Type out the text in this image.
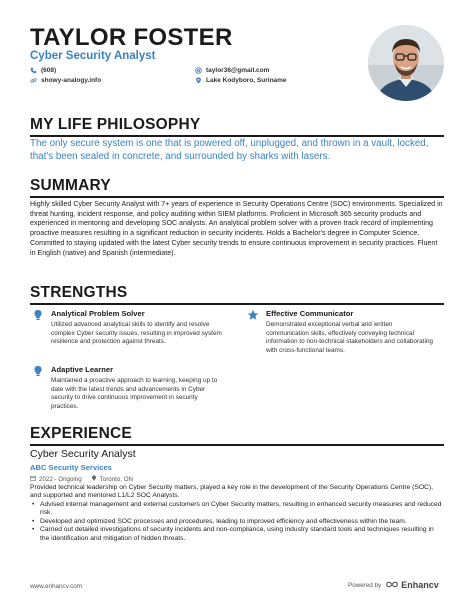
TAYLOR FOSTER
Cyber Security Analyst
(608)	taylor36@gmail.com
showy-analogy.info	Lake Kodyboro, Suriname
MY LIFE PHILOSOPHY

The only secure system is one that is powered off, unplugged, and thrown in a vault, locked, that's been sealed in concrete, and surrounded by sharks with lasers.

SUMMARY

Highly skilled Cyber Security Analyst with 7+ years of experience in Security Operations Centre (SOC) environments. Specialized in threat hunting, incident response, and policy auditing within SIEM platforms. Proficient in Microsoft 365 security products and experienced in mentoring and developing SOC analysts. An analytical problem solver with a proven track record of implementing proactive measures resulting in a significant reduction in security incidents. Holds a Bachelor's degree in Computer Science. Committed to staying updated with the latest Cyber security trends to ensure continuous improvement in security practices. Fluent in English (native) and Spanish (intermediate).

STRENGTHS

Analytical Problem Solver

Utilized advanced analytical skills to identify and resolve complex Cyber security issues, resulting in improved system resilience and protection against threats.

Effective Communicator

Demonstrated exceptional verbal and written communication skills, effectively conveying technical information to non-technical stakeholders and collaborating with cross-functional teams.

Adaptive Learner

Maintained a proactive approach to learning, keeping up to date with the latest trends and advancements in Cyber security to drive continuous improvement in security practices.

EXPERIENCE

Cyber Security Analyst

ABC Security Services

2022 - Ongoing	Toronto, ON

Provided technical leadership on Cyber Security matters, played a key role in the development of the Security Operations Centre (SOC), and supported and mentored L1/L2 SOC Analysts.

• Advised internal management and external customers on Cyber Security matters, resulting in enhanced security measures and reduced risk.
• Developed and optimized SOC processes and procedures, leading to improved efficiency and effectiveness within the team.
• Carried out detailed investigations of security incidents and non-compliance, using industry standard tools and techniques resulting in the identification and mitigation of hidden threats.
www.enhancv.com	Powered by Enhancv
